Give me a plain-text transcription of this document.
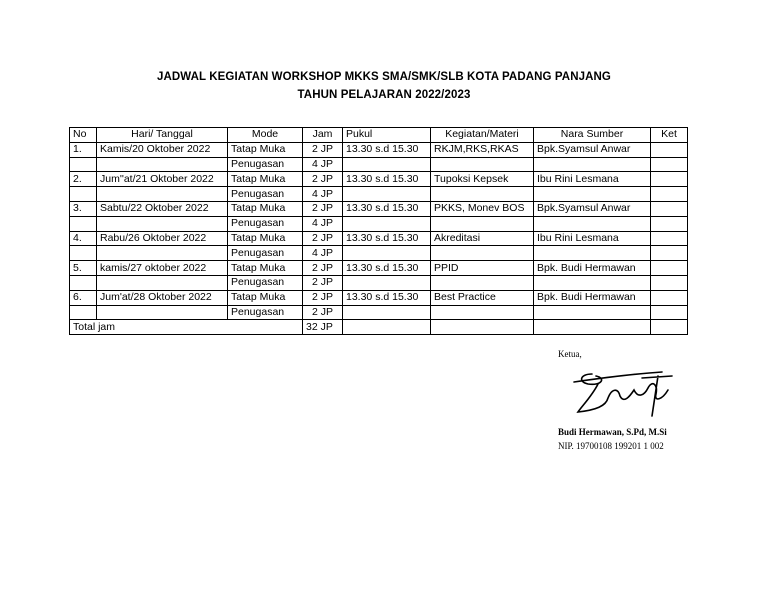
JADWAL KEGIATAN WORKSHOP MKKS SMA/SMK/SLB KOTA PADANG PANJANG
TAHUN PELAJARAN 2022/2023
No	Hari/ Tanggal	Mode	Jam	Pukul	Kegiatan/Materi	Nara Sumber	Ket
1.	Kamis/20 Oktober 2022	Tatap Muka	2 JP	13.30 s.d 15.30	RKJM,RKS,RKAS	Bpk.Syamsul Anwar	
		Penugasan	4 JP				
2.	Jum''at/21 Oktober 2022	Tatap Muka	2 JP	13.30 s.d 15.30	Tupoksi Kepsek	Ibu Rini Lesmana	
		Penugasan	4 JP				
3.	Sabtu/22 Oktober 2022	Tatap Muka	2 JP	13.30 s.d 15.30	PKKS, Monev BOS	Bpk.Syamsul Anwar	
		Penugasan	4 JP				
4.	Rabu/26 Oktober 2022	Tatap Muka	2 JP	13.30 s.d 15.30	Akreditasi	Ibu Rini Lesmana	
		Penugasan	4 JP				
5.	kamis/27 oktober 2022	Tatap Muka	2 JP	13.30 s.d 15.30	PPID	Bpk. Budi Hermawan	
		Penugasan	2 JP				
6.	Jum'at/28 Oktober 2022	Tatap Muka	2 JP	13.30 s.d 15.30	Best Practice	Bpk. Budi Hermawan	
		Penugasan	2 JP				
Total jam			32 JP				
Ketua,
Budi Hermawan, S.Pd, M.Si
NIP. 19700108 199201 1 002
